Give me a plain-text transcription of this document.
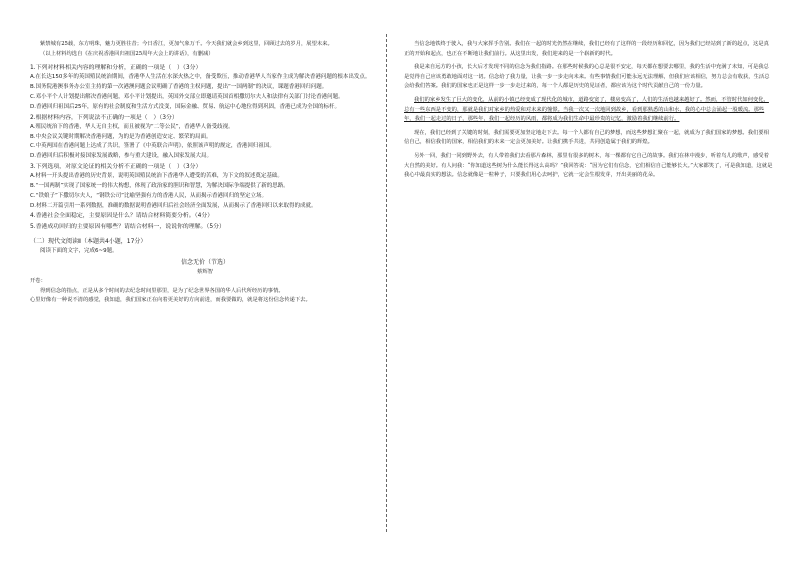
紫禁城有25载，东方明珠，魅力更胜往昔；今日香江，更加气象万千。今天我们就会乡到这里，回顾过去的岁月，展望未来。

（以上材料均选自《在庆祝香港回归祖国25周年大会上的讲话》，有删减）

1.下列对材料相关内容的理解和分析，正确的一项是（　）（3分）

A.在长达150多年的英国殖民统治期间，香港华人生活在水深火热之中，备受欺压，推动香港华人当家作主成为解决香港问题的根本出发点。

B.国务院港澳事务办公室主持的第一次港澳问题会议明确了香港的主权问题，提出“一国两制”的决议，课题香港回归问题。

C.邓小平个人计划提出解决香港问题，邓小平计划提出，英国外交部立即邀请英国首相撒切尔夫人和法律有关部门讨论香港问题。

D.香港回归祖国后25年，原有的社会制度和生活方式没变，国际金融、贸易、航运中心地位得到巩固，香港已成为全国的标杆。

2.根据材料内容，下列说法不正确的一项是（　）（3分）

A.殖民统治下的香港，华人无自主权，而且被视为“二等公民”，香港华人备受歧视。

B.中央会议关键时期解决香港问题，为的是为香港创造安定、繁荣的局面。

C.中英两国在香港问题上达成了共识，签署了《中英联合声明》，依照该声明的规定，香港回归祖国。

D.香港回归后积极对接国家发展战略，参与重大建设，融入国家发展大局。

3.下列选项，对原文论证的相关分析不正确的一项是（　）（3分）

A.材料一开头提出香港的历史背景，说明英国殖民统治下香港华人遭受的苦难，为下文的叙述奠定基础。

B.“一国两制”实现了国家统一的伟大构想，体现了政治家的胆识和智慧，为解决国际争端提供了新的思路。

C.“铁娘子”下撒切尔夫人，“钢铁公司”比喻坚强有力的香港人民，从而揭示香港回归的坚定立场。

D.材料二开篇引用一系列数据，准确的数据说明香港回归后社会经济全面发展，从而揭示了香港回归以来取得的成就。

4.香港社会全面稳定，主要原因是什么？请结合材料简要分析。（4分）

5.香港成功回归的主要原因有哪些？请结合材料一，说说你的理解。（5分）

（二）现代文阅读Ⅱ（本题共4小题，17分）

阅读下面的文字，完成6~9题。

信念无价（节选）

蔡辉智

开卷：

得到信念的指点，正是从多个时间的去纪念时间里那里，是为了纪念世界各国的华人后代所经历的事情。

心里好像有一种说不清的感觉，我知道，我们国家正在向着更美好的方向前进，而我要做的，就是将这份信念传递下去。

当信念地铁终于驶入，我与大家挥手告别。我们在一起的时光仍然在继续，我们已经有了这样的一段经历和回忆，因为我们已经站到了新的起点，这是真正的开始和起点，也正在不断地让我们前行。从这里出发，我们迎来的是一个崭新的时代。

我是来自远方的小孩，长大后才发现不同的信念为我们指路。在那些时候我的心总是很不安定，每天都在想要去哪里，我的生活中充满了未知，可是我总是觉得自己应该勇敢地面对这一切。信念给了我力量，让我一步一步走向未来。有些事情我们可能永远无法理解，但我们应该相信，努力总会有收获，生活总会给我们答案。我们的国家也正是这样一步一步走过来的，每一个人都是历史的见证者，都应该为这个时代贡献自己的一份力量。

我们的家乡发生了巨大的变化，从前的小镇已经变成了现代化的城市，道路变宽了，楼房变高了，人们的生活也越来越好了。然而，不管时代如何变化，总有一些东西是不变的，那就是我们对家乡的热爱和对未来的憧憬。当我一次又一次地回到故乡，看到那熟悉的山和水，我的心中总会涌起一股暖流。那些年，我们一起走过的日子，那些年，我们一起经历的风雨，都将成为我们生命中最珍贵的记忆，激励着我们继续前行。

现在，我们已经到了关键的时刻，我们需要更加坚定地走下去。每一个人都有自己的梦想，而这些梦想汇聚在一起，就成为了我们国家的梦想。我们要相信自己，相信我们的国家，相信我们的未来一定会更加美好。让我们携手共进，共同创造属于我们的辉煌。

另外一回，我们一同到野外去，有人带着我们去看那片森林，那里有很多的树木，每一棵都有它自己的故事。我们在林中漫步，听着鸟儿的歌声，感受着大自然的美好。有人问我：“你知道这些树为什么能长得这么高吗？”我回答说：“因为它们有信念，它们相信自己能够长大。”大家都笑了，可是我知道，这就是我心中最真实的想法。信念就像是一粒种子，只要我们用心去呵护，它就一定会生根发芽，开出美丽的花朵。
